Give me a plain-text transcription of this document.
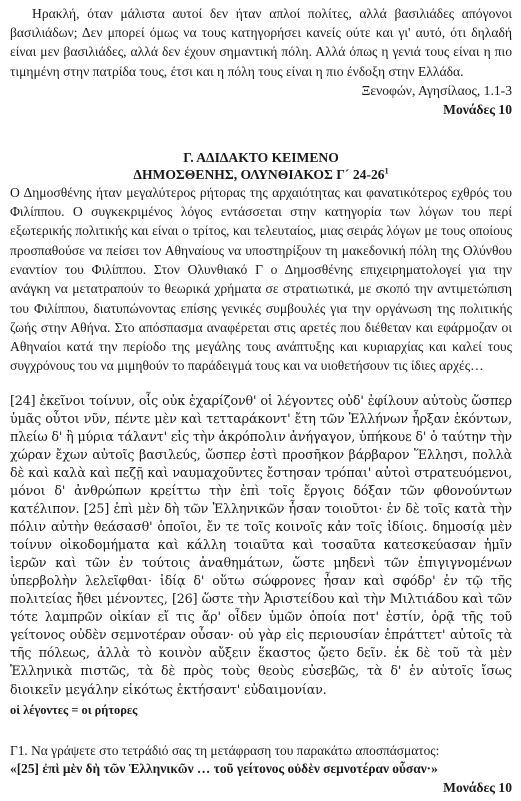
Ηρακλή, όταν μάλιστα αυτοί δεν ήταν απλοί πολίτες, αλλά βασιλιάδες απόγονοι βασιλιάδων; Δεν μπορεί όμως να τους κατηγορήσει κανείς ούτε και γι' αυτό, ότι δηλαδή είναι μεν βασιλιάδες, αλλά δεν έχουν σημαντική πόλη. Αλλά όπως η γενιά τους είναι η πιο τιμημένη στην πατρίδα τους, έτσι και η πόλη τους είναι η πιο ένδοξη στην Ελλάδα.

Ξενοφών, Αγησίλαος, 1.1-3

Μονάδες 10

Γ. ΑΔΙΔΑΚΤΟ ΚΕΙΜΕΝΟ

ΔΗΜΟΣΘΕΝΗΣ, ΟΛΥΝΘΙΑΚΟΣ Γ´ $24-26^1$

Ο Δημοσθένης ήταν μεγαλύτερος ρήτορας της αρχαιότητας και φανατικότερος εχθρός του Φιλίππου. Ο συγκεκριμένος λόγος εντάσσεται στην κατηγορία των λόγων του περί εξωτερικής πολιτικής και είναι ο τρίτος, και τελευταίος, μιας σειράς λόγων με τους οποίους προσπαθούσε να πείσει τον Αθηναίους να υποστηρίξουν τη μακεδονική πόλη της Ολύνθου εναντίον του Φιλίππου. Στον Ολυνθιακό Γ ο Δημοσθένης επιχειρηματολογεί για την ανάγκη να μετατραπούν το θεωρικά χρήματα σε στρατιωτικά, με σκοπό την αντιμετώπιση του Φιλίππου, διατυπώνοντας επίσης γενικές συμβουλές για την οργάνωση της πολιτικής ζωής στην Αθήνα. Στο απόσπασμα αναφέρεται στις αρετές που διέθεταν και εφάρμοζαν οι Αθηναίοι κατά την περίοδο της μεγάλης τους ανάπτυξης και κυριαρχίας και καλεί τους συγχρόνους του να μιμηθούν το παράδειγμά τους και να υιοθετήσουν τις ίδιες αρχές…

[24] ἐκεῖνοι τοίνυν, οἷς οὐκ ἐχαρίζονθ' οἱ λέγοντες οὐδ' ἐφίλουν αὐτοὺς ὥσπερ ὑμᾶς οὗτοι νῦν, πέντε μὲν καὶ τετταράκοντ' ἔτη τῶν Ἑλλήνων ἦρξαν ἑκόντων, πλείω δ' ἢ μύρια τάλαντ' εἰς τὴν ἀκρόπολιν ἀνήγαγον, ὑπήκουε δ' ὁ ταύτην τὴν χώραν ἔχων αὐτοῖς βασιλεύς, ὥσπερ ἐστὶ προσῆκον βάρβαρον Ἕλλησι, πολλὰ δὲ καὶ καλὰ καὶ πεζῇ καὶ ναυμαχοῦντες ἔστησαν τρόπαι' αὐτοὶ στρατευόμενοι, μόνοι δ' ἀνθρώπων κρείττω τὴν ἐπὶ τοῖς ἔργοις δόξαν τῶν φθονούντων κατέλιπον. [25] ἐπὶ μὲν δὴ τῶν Ἑλληνικῶν ἦσαν τοιοῦτοι· ἐν δὲ τοῖς κατὰ τὴν πόλιν αὐτὴν θεάσασθ' ὁποῖοι, ἔν τε τοῖς κοινοῖς κἀν τοῖς ἰδίοις. δημοσίᾳ μὲν τοίνυν οἰκοδομήματα καὶ κάλλη τοιαῦτα καὶ τοσαῦτα κατεσκεύασαν ἡμῖν ἱερῶν καὶ τῶν ἐν τούτοις ἀναθημάτων, ὥστε μηδενὶ τῶν ἐπιγιγνομένων ὑπερβολὴν λελεῖφθαι· ἰδίᾳ δ' οὕτω σώφρονες ἦσαν καὶ σφόδρ' ἐν τῷ τῆς πολιτείας ἤθει μένοντες, [26] ὥστε τὴν Ἀριστείδου καὶ τὴν Μιλτιάδου καὶ τῶν τότε λαμπρῶν οἰκίαν εἴ τις ἄρ' οἶδεν ὑμῶν ὁποία ποτ' ἐστίν, ὁρᾷ τῆς τοῦ γείτονος οὐδὲν σεμνοτέραν οὖσαν· οὐ γὰρ εἰς περιουσίαν ἐπράττετ' αὐτοῖς τὰ τῆς πόλεως, ἀλλὰ τὸ κοινὸν αὔξειν ἕκαστος ᾤετο δεῖν. ἐκ δὲ τοῦ τὰ μὲν Ἑλληνικὰ πιστῶς, τὰ δὲ πρὸς τοὺς θεοὺς εὐσεβῶς, τὰ δ' ἐν αὑτοῖς ἴσως διοικεῖν μεγάλην εἰκότως ἐκτήσαντ' εὐδαιμονίαν.

οἱ λέγοντες = οι ρήτορες

Γ1. Να γράψετε στο τετράδιό σας τη μετάφραση του παρακάτω αποσπάσματος:

«[25] ἐπὶ μὲν δὴ τῶν Ἑλληνικῶν … τοῦ γείτονος οὐδὲν σεμνοτέραν οὖσαν·»

Μονάδες 10
